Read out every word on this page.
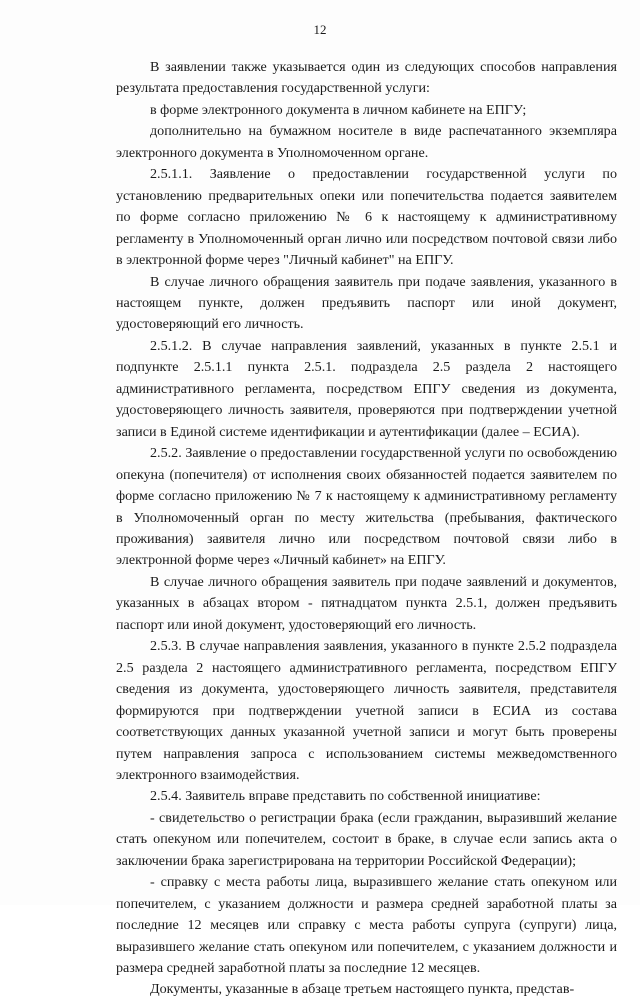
12

В заявлении также указывается один из следующих способов направления результата предоставления государственной услуги:

в форме электронного документа в личном кабинете на ЕПГУ;

дополнительно на бумажном носителе в виде распечатанного экземпляра электронного документа в Уполномоченном органе.

2.5.1.1. Заявление о предоставлении государственной услуги по установлению предварительных опеки или попечительства подается заявителем по форме согласно приложению № 6 к настоящему к административному регламенту в Уполномоченный орган лично или посредством почтовой связи либо в электронной форме через "Личный кабинет" на ЕПГУ.

В случае личного обращения заявитель при подаче заявления, указанного в настоящем пункте, должен предъявить паспорт или иной документ, удостоверяющий его личность.

2.5.1.2. В случае направления заявлений, указанных в пункте 2.5.1 и подпункте 2.5.1.1 пункта 2.5.1. подраздела 2.5 раздела 2 настоящего административного регламента, посредством ЕПГУ сведения из документа, удостоверяющего личность заявителя, проверяются при подтверждении учетной записи в Единой системе идентификации и аутентификации (далее – ЕСИА).

2.5.2. Заявление о предоставлении государственной услуги по освобождению опекуна (попечителя) от исполнения своих обязанностей подается заявителем по форме согласно приложению № 7 к настоящему к административному регламенту в Уполномоченный орган по месту жительства (пребывания, фактического проживания) заявителя лично или посредством почтовой связи либо в электронной форме через «Личный кабинет» на ЕПГУ.

В случае личного обращения заявитель при подаче заявлений и документов, указанных в абзацах втором - пятнадцатом пункта 2.5.1, должен предъявить паспорт или иной документ, удостоверяющий его личность.

2.5.3. В случае направления заявления, указанного в пункте 2.5.2 подраздела 2.5 раздела 2 настоящего административного регламента, посредством ЕПГУ сведения из документа, удостоверяющего личность заявителя, представителя формируются при подтверждении учетной записи в ЕСИА из состава соответствующих данных указанной учетной записи и могут быть проверены путем направления запроса с использованием системы межведомственного электронного взаимодействия.

2.5.4. Заявитель вправе представить по собственной инициативе:

- свидетельство о регистрации брака (если гражданин, выразивший желание стать опекуном или попечителем, состоит в браке, в случае если запись акта о заключении брака зарегистрирована на территории Российской Федерации);

- справку с места работы лица, выразившего желание стать опекуном или попечителем, с указанием должности и размера средней заработной платы за последние 12 месяцев или справку с места работы супруга (супруги) лица, выразившего желание стать опекуном или попечителем, с указанием должности и размера средней заработной платы за последние 12 месяцев.

Документы, указанные в абзаце третьем настоящего пункта, представ-
